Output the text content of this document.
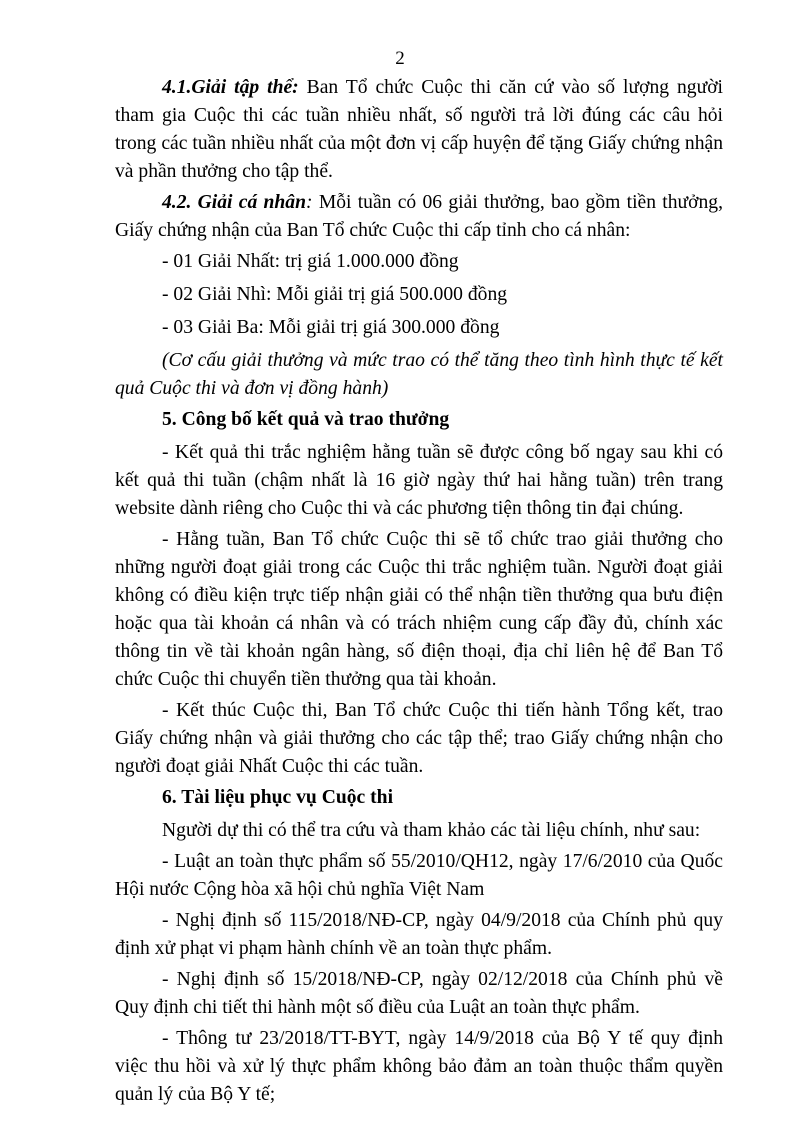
2

4.1.Giải tập thể: Ban Tổ chức Cuộc thi căn cứ vào số lượng người tham gia Cuộc thi các tuần nhiều nhất, số người trả lời đúng các câu hỏi trong các tuần nhiều nhất của một đơn vị cấp huyện để tặng Giấy chứng nhận và phần thưởng cho tập thể.

4.2. Giải cá nhân: Mỗi tuần có 06 giải thưởng, bao gồm tiền thưởng, Giấy chứng nhận của Ban Tổ chức Cuộc thi cấp tỉnh cho cá nhân:

- 01 Giải Nhất: trị giá 1.000.000 đồng

- 02 Giải Nhì: Mỗi giải trị giá 500.000 đồng

- 03 Giải Ba: Mỗi giải trị giá 300.000 đồng

(Cơ cấu giải thưởng và mức trao có thể tăng theo tình hình thực tế kết quả Cuộc thi và đơn vị đồng hành)

5. Công bố kết quả và trao thưởng

- Kết quả thi trắc nghiệm hằng tuần sẽ được công bố ngay sau khi có kết quả thi tuần (chậm nhất là 16 giờ ngày thứ hai hằng tuần) trên trang website dành riêng cho Cuộc thi và các phương tiện thông tin đại chúng.

- Hằng tuần, Ban Tổ chức Cuộc thi sẽ tổ chức trao giải thưởng cho những người đoạt giải trong các Cuộc thi trắc nghiệm tuần. Người đoạt giải không có điều kiện trực tiếp nhận giải có thể nhận tiền thưởng qua bưu điện hoặc qua tài khoản cá nhân và có trách nhiệm cung cấp đầy đủ, chính xác thông tin về tài khoản ngân hàng, số điện thoại, địa chỉ liên hệ để Ban Tổ chức Cuộc thi chuyển tiền thưởng qua tài khoản.

- Kết thúc Cuộc thi, Ban Tổ chức Cuộc thi tiến hành Tổng kết, trao Giấy chứng nhận và giải thưởng cho các tập thể; trao Giấy chứng nhận cho người đoạt giải Nhất Cuộc thi các tuần.

6. Tài liệu phục vụ Cuộc thi

Người dự thi có thể tra cứu và tham khảo các tài liệu chính, như sau:

- Luật an toàn thực phẩm số 55/2010/QH12, ngày 17/6/2010 của Quốc Hội nước Cộng hòa xã hội chủ nghĩa Việt Nam

- Nghị định số 115/2018/NĐ-CP, ngày 04/9/2018 của Chính phủ quy định xử phạt vi phạm hành chính về an toàn thực phẩm.

- Nghị định số 15/2018/NĐ-CP, ngày 02/12/2018 của Chính phủ về Quy định chi tiết thi hành một số điều của Luật an toàn thực phẩm.

- Thông tư 23/2018/TT-BYT, ngày 14/9/2018 của Bộ Y tế quy định việc thu hồi và xử lý thực phẩm không bảo đảm an toàn thuộc thẩm quyền quản lý của Bộ Y tế;
